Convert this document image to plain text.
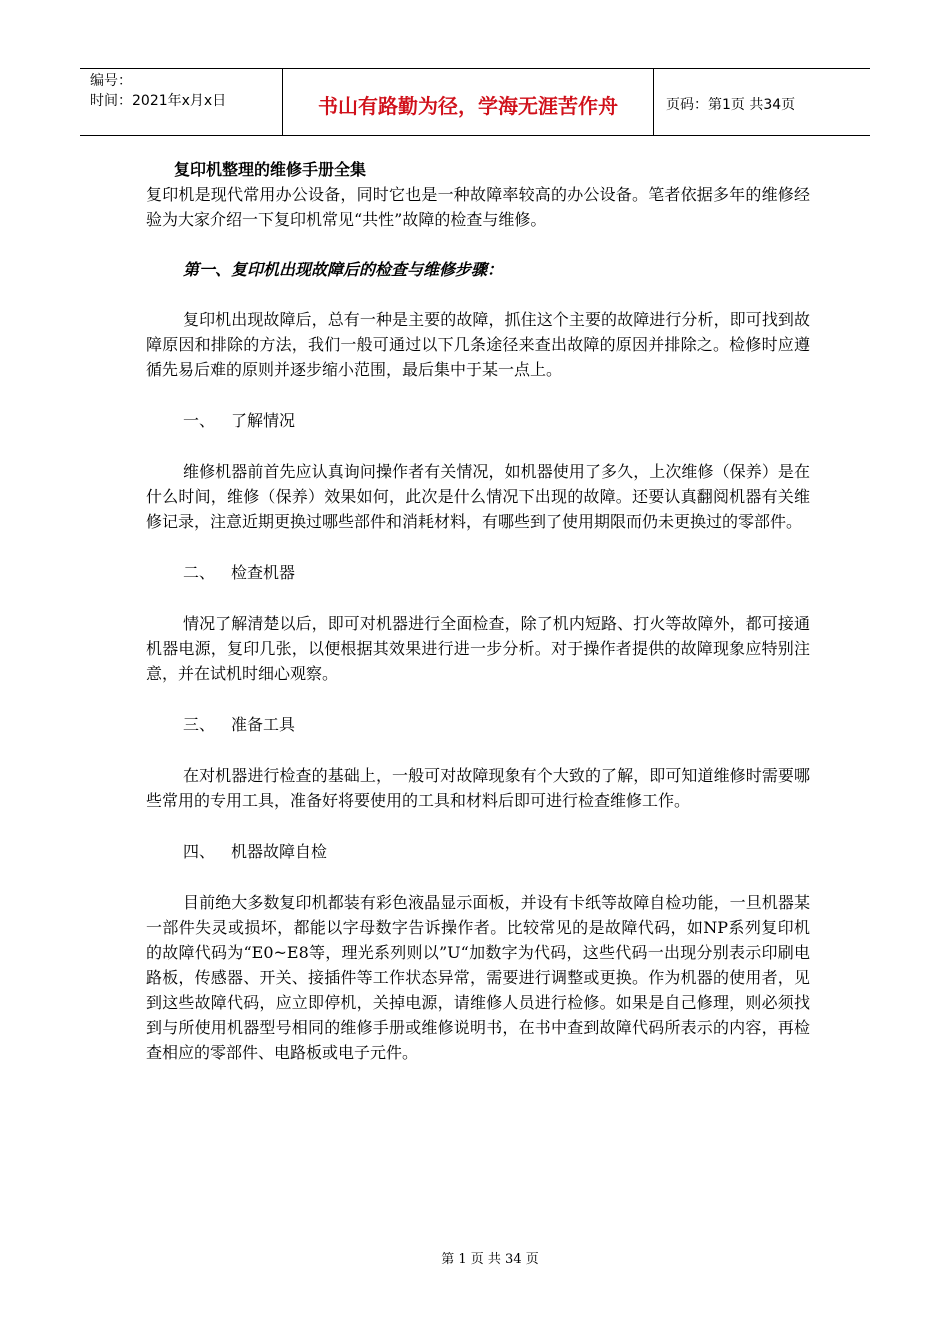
编号：
时间：2021年x月x日	书山有路勤为径，学海无涯苦作舟	页码：第1页 共34页

复印机整理的维修手册全集

复印机是现代常用办公设备，同时它也是一种故障率较高的办公设备。笔者依据多年的维修经验为大家介绍一下复印机常见“共性”故障的检查与维修。

第一、复印机出现故障后的检查与维修步骤：

复印机出现故障后，总有一种是主要的故障，抓住这个主要的故障进行分析，即可找到故障原因和排除的方法，我们一般可通过以下几条途径来查出故障的原因并排除之。检修时应遵循先易后难的原则并逐步缩小范围，最后集中于某一点上。

一、 了解情况

维修机器前首先应认真询问操作者有关情况，如机器使用了多久，上次维修（保养）是在什么时间，维修（保养）效果如何，此次是什么情况下出现的故障。还要认真翻阅机器有关维修记录，注意近期更换过哪些部件和消耗材料，有哪些到了使用期限而仍未更换过的零部件。

二、 检查机器

情况了解清楚以后，即可对机器进行全面检查，除了机内短路、打火等故障外，都可接通机器电源，复印几张，以便根据其效果进行进一步分析。对于操作者提供的故障现象应特别注意，并在试机时细心观察。

三、 准备工具

在对机器进行检查的基础上，一般可对故障现象有个大致的了解，即可知道维修时需要哪些常用的专用工具，准备好将要使用的工具和材料后即可进行检查维修工作。

四、 机器故障自检

目前绝大多数复印机都装有彩色液晶显示面板，并设有卡纸等故障自检功能，一旦机器某一部件失灵或损坏，都能以字母数字告诉操作者。比较常见的是故障代码，如NP系列复印机的故障代码为“E0~E8等，理光系列则以”U“加数字为代码，这些代码一出现分别表示印刷电路板，传感器、开关、接插件等工作状态异常，需要进行调整或更换。作为机器的使用者，见到这些故障代码，应立即停机，关掉电源，请维修人员进行检修。如果是自己修理，则必须找到与所使用机器型号相同的维修手册或维修说明书，在书中查到故障代码所表示的内容，再检查相应的零部件、电路板或电子元件。

第 1 页 共 34 页
